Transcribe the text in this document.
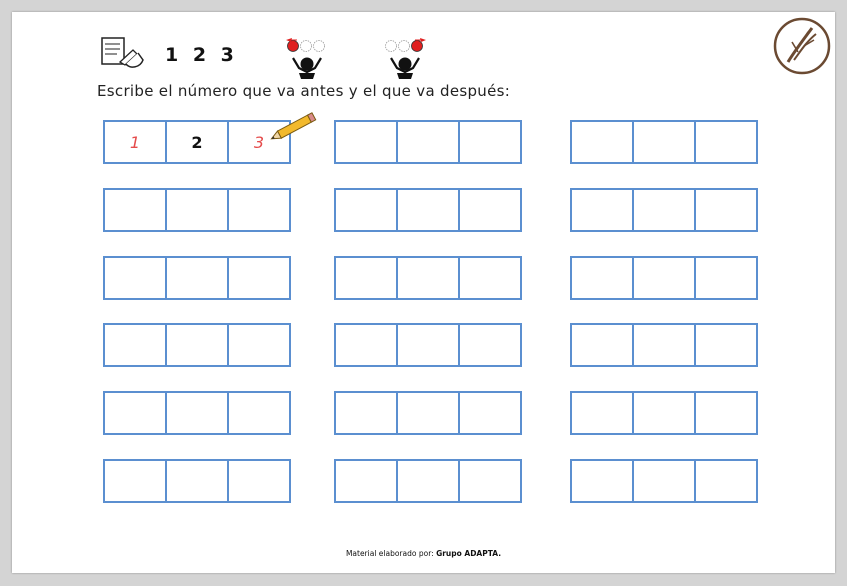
1 2 3
Escribe el número que va antes y el que va después:
1	2	3
Material elaborado por: Grupo ADAPTA.
